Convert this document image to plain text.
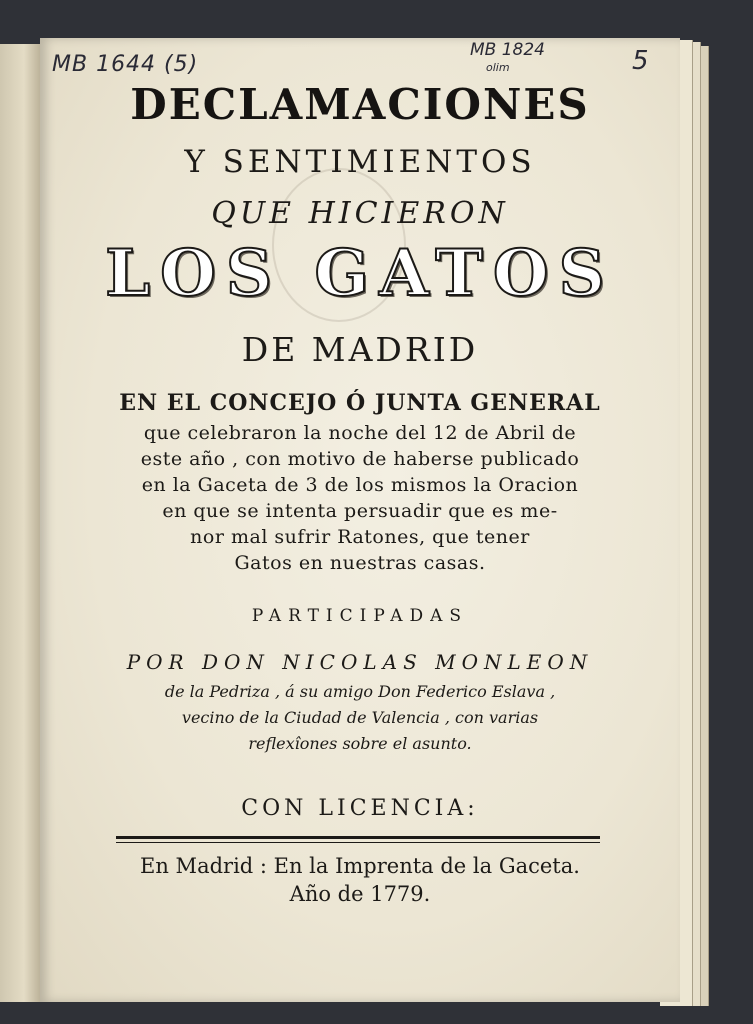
MB 1644 (5)
MB 1824
olim	5
DECLAMACIONES
Y SENTIMIENTOS
QUE HICIERON
LOS GATOS
DE MADRID
EN EL CONCEJO Ó JUNTA GENERAL
que celebraron la noche del 12 de Abril de
este año , con motivo de haberse publicado
en la Gaceta de 3 de los mismos la Oracion
en que se intenta persuadir que es me-
nor mal sufrir Ratones, que tener
Gatos en nuestras casas.
PARTICIPADAS
POR DON NICOLAS MONLEON
de la Pedriza , á su amigo Don Federico Eslava ,
vecino de la Ciudad de Valencia , con varias
reflexîones sobre el asunto.
CON LICENCIA:
En Madrid : En la Imprenta de la Gaceta.
Año de 1779.
